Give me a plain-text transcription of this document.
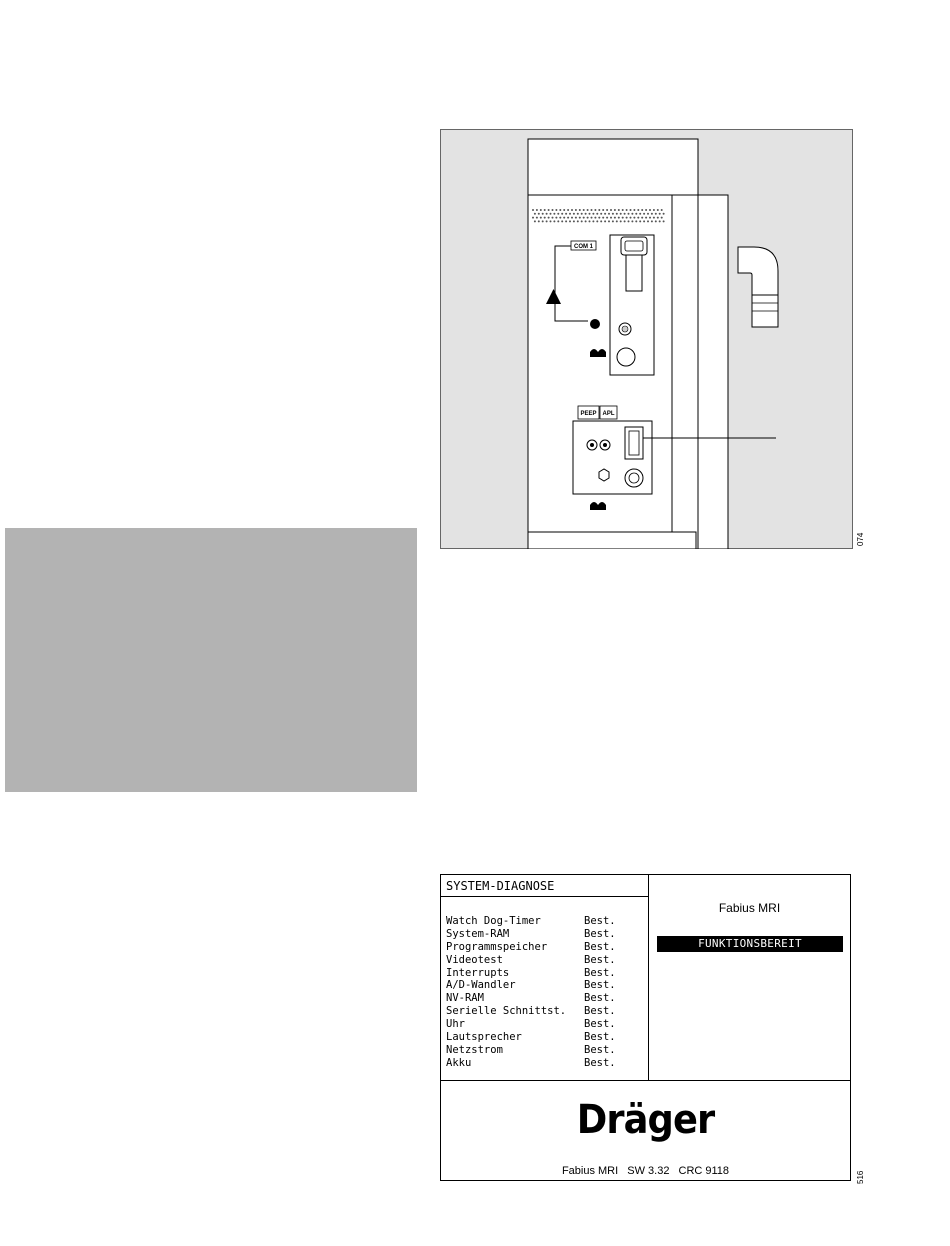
COM 1
PEEP APL
074
SYSTEM-DIAGNOSE
Watch Dog-Timer	Best.
System-RAM	Best.
Programmspeicher	Best.
Videotest	Best.
Interrupts	Best.
A/D-Wandler	Best.
NV-RAM	Best.
Serielle Schnittst. Best.
Uhr	Best.
Lautsprecher	Best.
Netzstrom	Best.
Akku	Best.
Fabius MRI
FUNKTIONSBEREIT
Dräger
Fabius MRI SW 3.32 CRC 9118	516
